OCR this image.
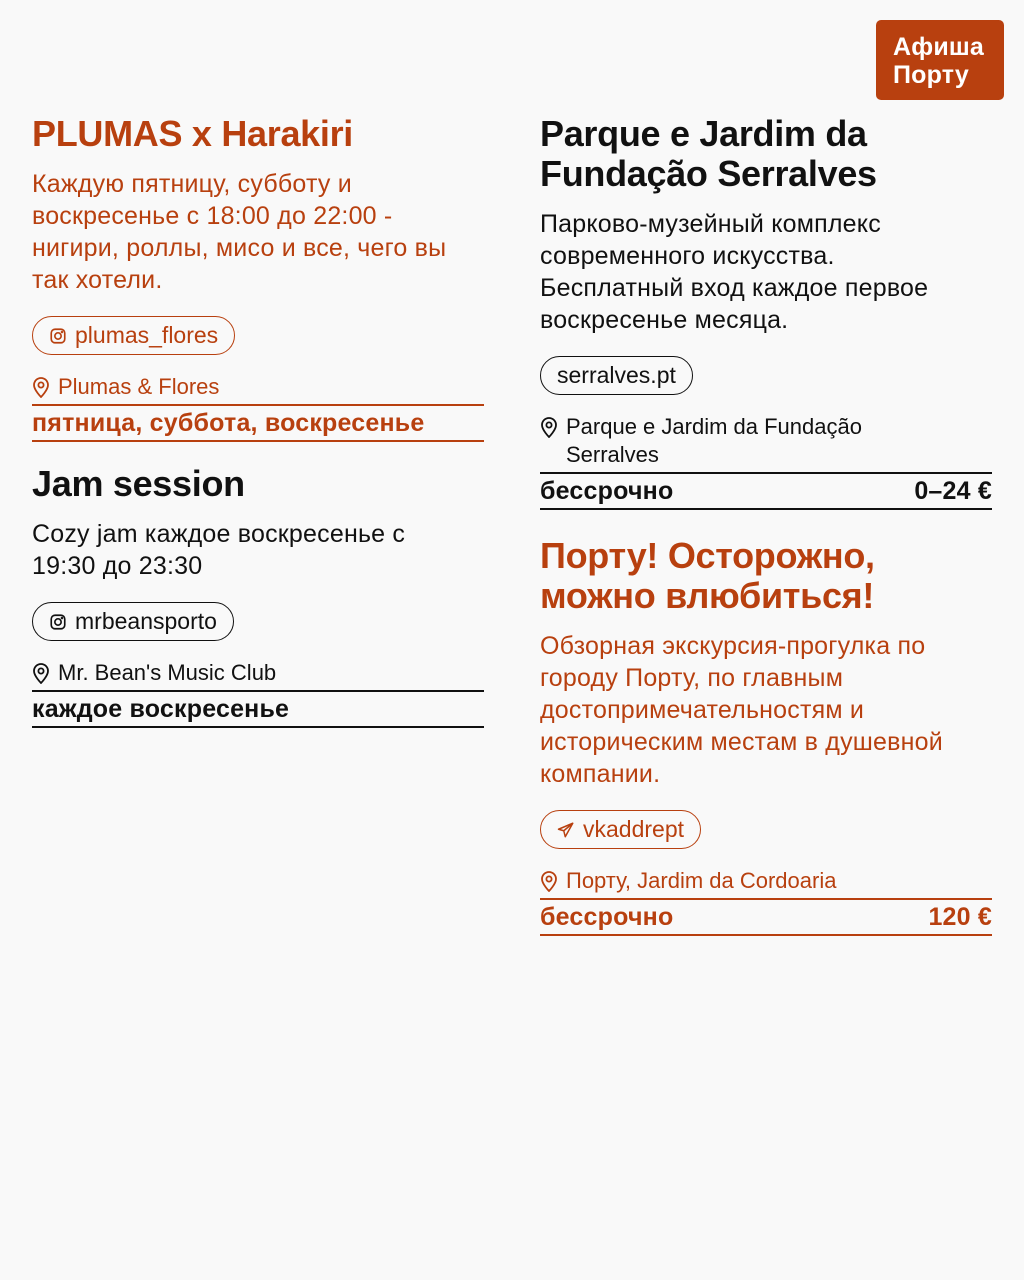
Афиша
Порту
PLUMAS x Harakiri
Каждую пятницу, субботу и воскресенье с 18:00 до 22:00 - нигири, роллы, мисо и все, чего вы так хотели.
plumas_flores
Plumas & Flores
пятница, суббота, воскресенье
Jam session
Cozy jam каждое воскресенье с 19:30 до 23:30
mrbeansporto
Mr. Bean's Music Club
каждое воскресенье
Parque e Jardim da Fundação Serralves
Парково-музейный комплекс современного искусства. Бесплатный вход каждое первое воскресенье месяца.
serralves.pt
Parque e Jardim da Fundação Serralves
бессрочно	0–24 €
Порту! Осторожно, можно влюбиться!
Обзорная экскурсия-прогулка по городу Порту, по главным достопримечательностям и историческим местам в душевной компании.
vkaddrept
Порту, Jardim da Cordoaria
бессрочно	120 €
